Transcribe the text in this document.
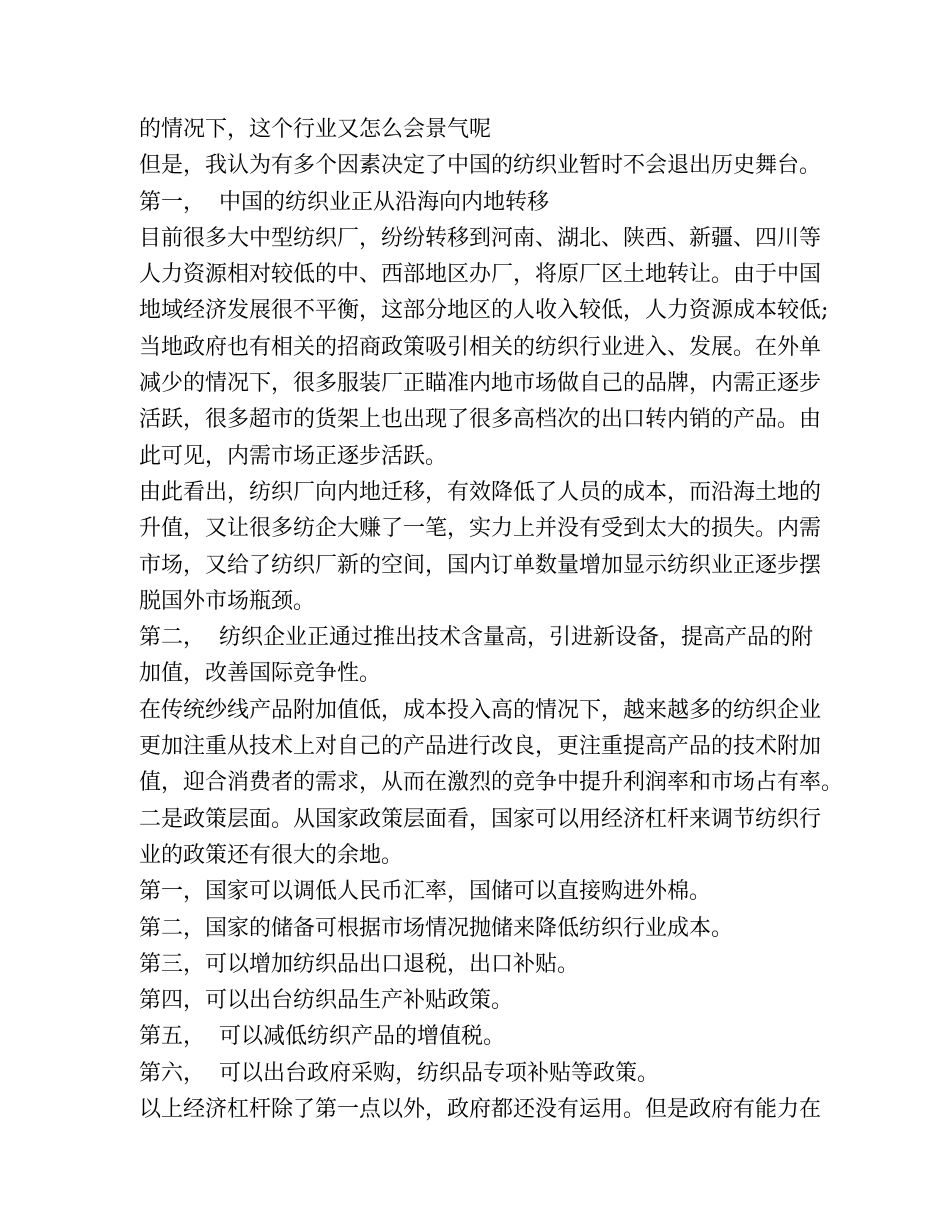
的情况下，这个行业又怎么会景气呢
但是，我认为有多个因素决定了中国的纺织业暂时不会退出历史舞台。
第一，  中国的纺织业正从沿海向内地转移
目前很多大中型纺织厂，纷纷转移到河南、湖北、陕西、新疆、四川等
人力资源相对较低的中、西部地区办厂，将原厂区土地转让。由于中国
地域经济发展很不平衡，这部分地区的人收入较低，人力资源成本较低;
当地政府也有相关的招商政策吸引相关的纺织行业进入、发展。在外单
减少的情况下，很多服装厂正瞄准内地市场做自己的品牌，内需正逐步
活跃，很多超市的货架上也出现了很多高档次的出口转内销的产品。由
此可见，内需市场正逐步活跃。
由此看出，纺织厂向内地迁移，有效降低了人员的成本，而沿海土地的
升值，又让很多纺企大赚了一笔，实力上并没有受到太大的损失。内需
市场，又给了纺织厂新的空间，国内订单数量增加显示纺织业正逐步摆
脱国外市场瓶颈。
第二，  纺织企业正通过推出技术含量高，引进新设备，提高产品的附
加值，改善国际竞争性。
在传统纱线产品附加值低，成本投入高的情况下，越来越多的纺织企业
更加注重从技术上对自己的产品进行改良，更注重提高产品的技术附加
值，迎合消费者的需求，从而在激烈的竞争中提升利润率和市场占有率。
二是政策层面。从国家政策层面看，国家可以用经济杠杆来调节纺织行
业的政策还有很大的余地。
第一，国家可以调低人民币汇率，国储可以直接购进外棉。
第二，国家的储备可根据市场情况抛储来降低纺织行业成本。
第三，可以增加纺织品出口退税，出口补贴。
第四，可以出台纺织品生产补贴政策。
第五，  可以减低纺织产品的增值税。
第六，  可以出台政府采购，纺织品专项补贴等政策。
以上经济杠杆除了第一点以外，政府都还没有运用。但是政府有能力在
